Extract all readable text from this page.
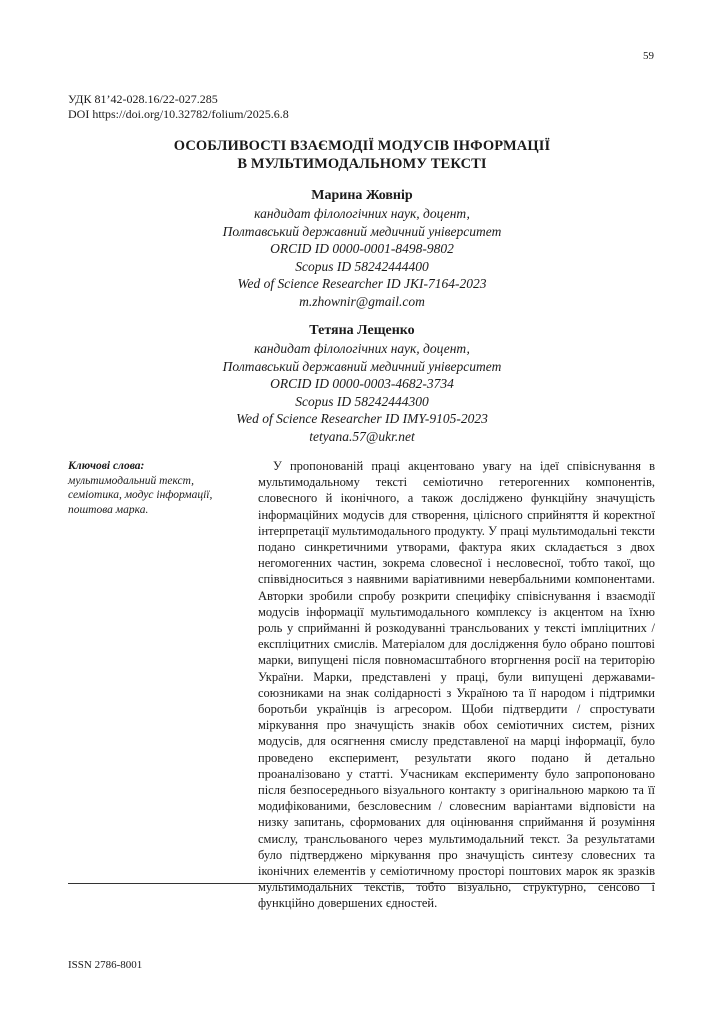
59
УДК 81’42-028.16/22-027.285
DOI https://doi.org/10.32782/folium/2025.6.8
ОСОБЛИВОСТІ ВЗАЄМОДІЇ МОДУСІВ ІНФОРМАЦІЇ
В МУЛЬТИМОДАЛЬНОМУ ТЕКСТІ
Марина Жовнір
кандидат філологічних наук, доцент,
Полтавський державний медичний університет
ORCID ID 0000-0001-8498-9802
Scopus ID 58242444400
Wed of Science Researcher ID JKI-7164-2023
m.zhownir@gmail.com
Тетяна Лещенко
кандидат філологічних наук, доцент,
Полтавський державний медичний університет
ORCID ID 0000-0003-4682-3734
Scopus ID 58242444300
Wed of Science Researcher ID IMY-9105-2023
tetyana.57@ukr.net
Ключові слова:
мультимодальний текст, семіотика, модус інформації, поштова марка.
У пропонованій праці акцентовано увагу на ідеї співіснування в мультимодальному тексті семіотично гетерогенних компонентів, словесного й іконічного, а також досліджено функційну значущість інформаційних модусів для створення, цілісного сприйняття й коректної інтерпретації мультимодального продукту. У праці мультимодальні тексти подано синкретичними утворами, фактура яких складається з двох негомогенних частин, зокрема словесної і несловесної, тобто такої, що співвідноситься з наявними варіативними невербальними компонентами. Авторки зробили спробу розкрити специфіку співіснування і взаємодії модусів інформації мультимодального комплексу із акцентом на їхню роль у сприйманні й розкодуванні трансльованих у тексті імпліцитних / експліцитних смислів. Матеріалом для дослідження було обрано поштові марки, випущені після повномасштабного вторгнення росії на територію України. Марки, представлені у праці, були випущені державами-союзниками на знак солідарності з Україною та її народом і підтримки боротьби українців із агресором. Щоби підтвердити / спростувати міркування про значущість знаків обох семіотичних систем, різних модусів, для осягнення смислу представленої на марці інформації, було проведено експеримент, результати якого подано й детально проаналізовано у статті. Учасникам експерименту було запропоновано після безпосереднього візуального контакту з оригінальною маркою та її модифікованими, безсловесним / словесним варіантами відповісти на низку запитань, сформованих для оцінювання сприймання й розуміння смислу, трансльованого через мультимодальний текст. За результатами було підтверджено міркування про значущість синтезу словесних та іконічних елементів у семіотичному просторі поштових марок як зразків мультимодальних текстів, тобто візуально, структурно, сенсово і функційно довершених єдностей.
ISSN 2786-8001
